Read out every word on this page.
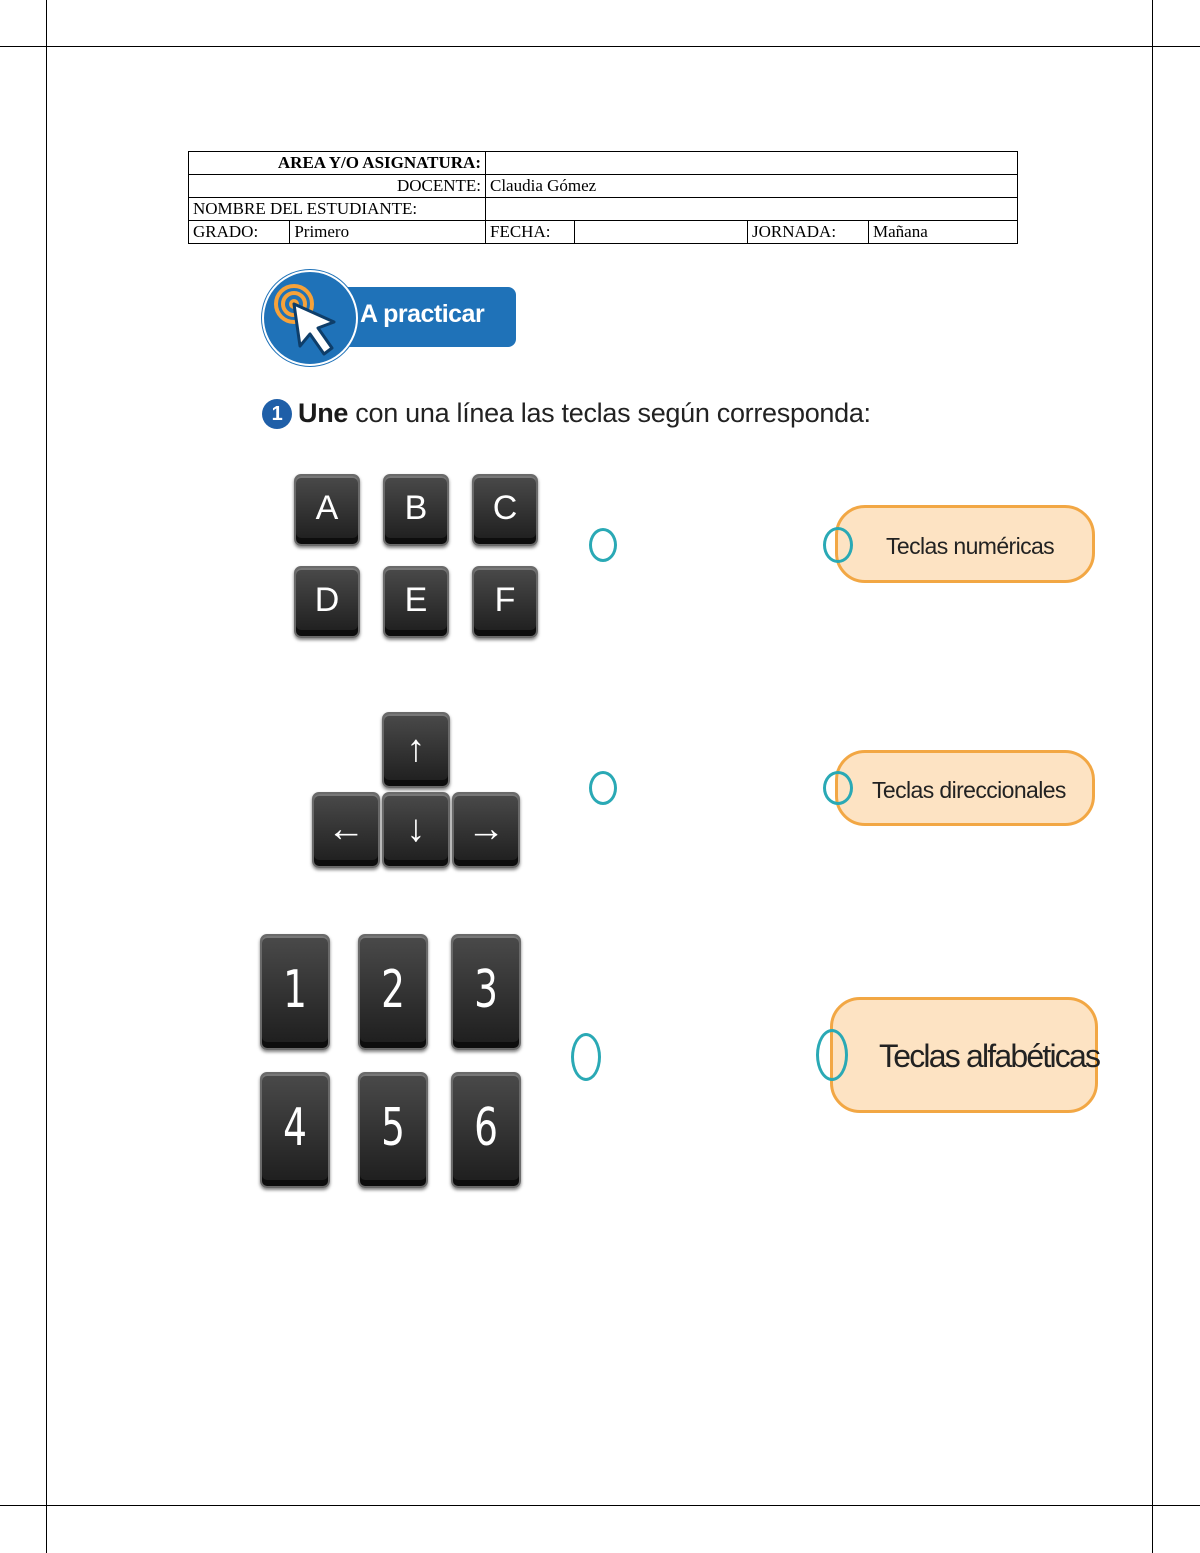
AREA Y/O ASIGNATURA:					
DOCENTE:		Claudia Gómez			
NOMBRE DEL ESTUDIANTE:					
GRADO:	Primero	FECHA:		JORNADA:	Mañana
A practicar
1 Une con una línea las teclas según corresponda:
A	B	C
D	E	F
↑
←	↓	→
1 2 3
4 5 6
Teclas numéricas
Teclas direccionales
Teclas alfabéticas
